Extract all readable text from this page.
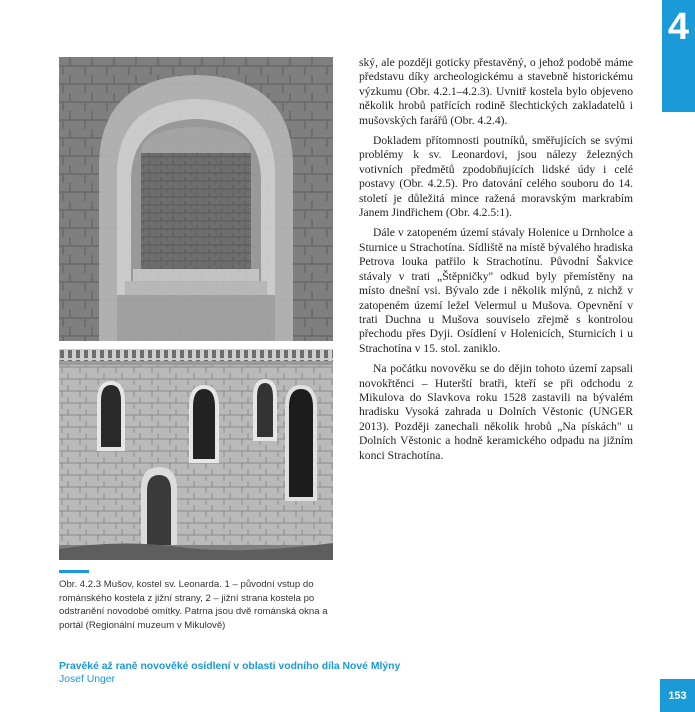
4
Obr. 4.2.3 Mušov, kostel sv. Leonarda. 1 – původní vstup do románského kostela z jižní strany, 2 – jižní strana kostela po odstranění novodobé omítky. Patrna jsou dvě románská okna a portál (Regionální muzeum v Mikulově)

ský, ale později goticky přestavěný, o jehož podobě máme představu díky archeologickému a stavebně historickému výzkumu (Obr. 4.2.1–4.2.3). Uvnitř kostela bylo objeveno několik hrobů patřících rodině šlechtických zakladatelů i mušovských farářů (Obr. 4.2.4).

Dokladem přítomnosti poutníků, směřujících se svými problémy k sv. Leonardovi, jsou nálezy železných votivních předmětů zpodobňujících lidské údy i celé postavy (Obr. 4.2.5). Pro datování celého souboru do 14. století je důležitá mince ražená moravským markrabím Janem Jindřichem (Obr. 4.2.5:1).

Dále v zatopeném území stávaly Holenice u Drnholce a Sturnice u Strachotína. Sídliště na místě bývalého hradiska Petrova louka patřilo k Strachotínu. Původní Šakvice stávaly v trati „Štěpničky" odkud byly přemístěny na místo dnešní vsi. Bývalo zde i několik mlýnů, z nichž v zatopeném území ležel Velermul u Mušova. Opevnění v trati Duchna u Mušova souviselo zřejmě s kontrolou přechodu přes Dyji. Osídlení v Holenicích, Sturnicích i u Strachotína v 15. stol. zaniklo.

Na počátku novověku se do dějin tohoto území zapsali novokřtěnci – Huterští bratři, kteří se při odchodu z Mikulova do Slavkova roku 1528 zastavili na bývalém hradisku Vysoká zahrada u Dolních Věstonic (UNGER 2013). Později zanechali několik hrobů „Na pískách" u Dolních Věstonic a hodně keramického odpadu na jižním konci Strachotína.

Pravěké až raně novověké osídlení v oblasti vodního díla Nové Mlýny
Josef Unger
153
